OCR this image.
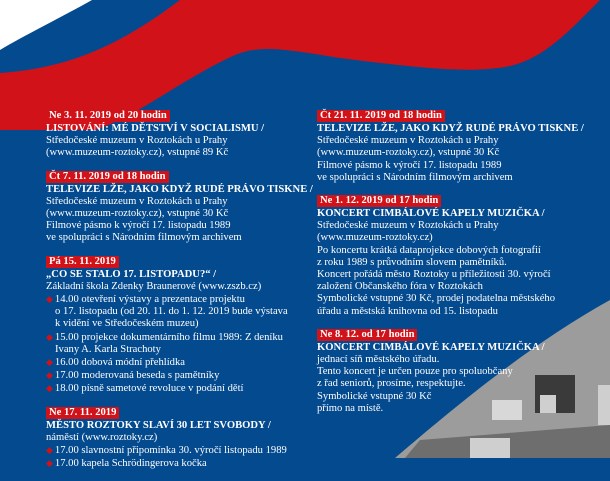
Ne 3. 11. 2019 od 20 hodin
LISTOVÁNÍ: MÉ DĚTSTVÍ V SOCIALISMU /
Středočeské muzeum v Roztokách u Prahy
(www.muzeum-roztoky.cz), vstupné 89 Kč
Čt 7. 11. 2019 od 18 hodin
TELEVIZE LŽE, JAKO KDYŽ RUDÉ PRÁVO TISKNE /
Středočeské muzeum v Roztokách u Prahy
(www.muzeum-roztoky.cz), vstupné 30 Kč
Filmové pásmo k výročí 17. listopadu 1989
ve spolupráci s Národním filmovým archivem
Pá 15. 11. 2019
„CO SE STALO 17. LISTOPADU?“ /
Základní škola Zdenky Braunerové (www.zszb.cz)
◆ 14.00 otevření výstavy a prezentace projektu
o 17. listopadu (od 20. 11. do 1. 12. 2019 bude výstava
k vidění ve Středočeském muzeu)
◆ 15.00 projekce dokumentárního filmu 1989: Z deníku
Ivany A. Karla Strachoty
◆ 16.00 dobová módní přehlídka
◆ 17.00 moderovaná beseda s pamětníky
◆ 18.00 písně sametové revoluce v podání dětí
Ne 17. 11. 2019
MĚSTO ROZTOKY SLAVÍ 30 LET SVOBODY /
náměstí (www.roztoky.cz)
◆ 17.00 slavnostní připomínka 30. výročí listopadu 1989
◆ 17.00 kapela Schrödingerova kočka
Čt 21. 11. 2019 od 18 hodin
TELEVIZE LŽE, JAKO KDYŽ RUDÉ PRÁVO TISKNE /
Středočeské muzeum v Roztokách u Prahy
(www.muzeum-roztoky.cz), vstupné 30 Kč
Filmové pásmo k výročí 17. listopadu 1989
ve spolupráci s Národním filmovým archivem
Ne 1. 12. 2019 od 17 hodin
KONCERT CIMBÁLOVÉ KAPELY MUZIČKA /
Středočeské muzeum v Roztokách u Prahy
(www.muzeum-roztoky.cz)
Po koncertu krátká dataprojekce dobových fotografií
z roku 1989 s průvodním slovem pamětníků.
Koncert pořádá město Roztoky u příležitosti 30. výročí
založení Občanského fóra v Roztokách
Symbolické vstupné 30 Kč, prodej podatelna městského
úřadu a městská knihovna od 15. listopadu
Ne 8. 12. od 17 hodin
KONCERT CIMBÁLOVÉ KAPELY MUZIČKA /
jednací síň městského úřadu.
Tento koncert je určen pouze pro spoluobčany
z řad seniorů, prosíme, respektujte.
Symbolické vstupné 30 Kč
přímo na místě.
